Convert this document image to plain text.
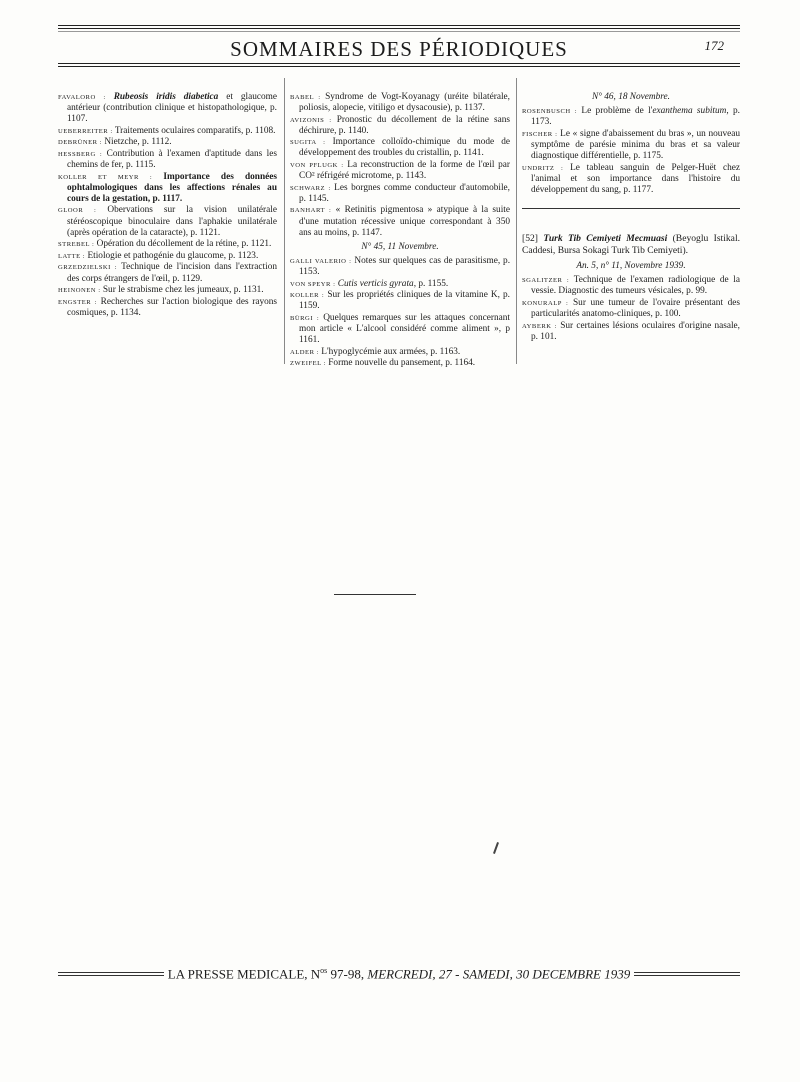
SOMMAIRES DES PÉRIODIQUES	172
FAVALORO : Rubeosis iridis diabetica et glaucome antérieur (contribution clinique et histopathologique, p. 1107.
UEBERREITER : Traitements oculaires comparatifs, p. 1108.
DEBRÜNER : Nietzche, p. 1112.
HESSBERG : Contribution à l'examen d'aptitude dans les chemins de fer, p. 1115.
KOLLER ET MEYR : Importance des données ophtalmologiques dans les affections rénales au cours de la gestation, p. 1117.
GLOOR : Obervations sur la vision unilatérale stéréoscopique binoculaire dans l'aphakie unilatérale (après opération de la cataracte), p. 1121.
STREBEL : Opération du décollement de la rétine, p. 1121.
LATTE : Etiologie et pathogénie du glaucome, p. 1123.
GRZEDZIELSKI : Technique de l'incision dans l'extraction des corps étrangers de l'œil, p. 1129.
HEINONEN : Sur le strabisme chez les jumeaux, p. 1131.
ENGSTER : Recherches sur l'action biologique des rayons cosmiques, p. 1134.
BABEL : Syndrome de Vogt-Koyanagy (uréite bilatérale, poliosis, alopecie, vitiligo et dysacousie), p. 1137.
AVIZONIS : Pronostic du décollement de la rétine sans déchirure, p. 1140.
SUGITA : Importance colloïdo-chimique du mode de développement des troubles du cristallin, p. 1141.
VON PFLUGK : La reconstruction de la forme de l'œil par CO² réfrigéré microtome, p. 1143.
SCHWARZ : Les borgnes comme conducteur d'automobile, p. 1145.
BANHART : « Retinitis pigmentosa » atypique à la suite d'une mutation récessive unique correspondant à 350 ans au moins, p. 1147.
N° 45, 11 Novembre.
GALLI VALERIO : Notes sur quelques cas de parasitisme, p. 1153.
VON SPEYR : Cutis verticis gyrata, p. 1155.
KOLLER : Sur les propriétés cliniques de la vitamine K, p. 1159.
BÜRGI : Quelques remarques sur les attaques concernant mon article « L'alcool considéré comme aliment », p 1161.
ALDER : L'hypoglycémie aux armées, p. 1163.
ZWEIFEL : Forme nouvelle du pansement, p. 1164.
N° 46, 18 Novembre.
ROSENBUSCH : Le problème de l'exanthema subitum, p. 1173.
FISCHER : Le « signe d'abaissement du bras », un nouveau symptôme de parésie minima du bras et sa valeur diagnostique différentielle, p. 1175.
UNDRITZ : Le tableau sanguin de Pelger-Huët chez l'animal et son importance dans l'histoire du développement du sang, p. 1177.
[52] Turk Tib Cemiyeti Mecmuasi (Beyoglu Istikal. Caddesi, Bursa Sokagi Turk Tib Cemiyeti).
An. 5, n° 11, Novembre 1939.
SGALITZER : Technique de l'examen radiologique de la vessie. Diagnostic des tumeurs vésicales, p. 99.
KONURALP : Sur une tumeur de l'ovaire présentant des particularités anatomo-cliniques, p. 100.
AYBERK : Sur certaines lésions oculaires d'origine nasale, p. 101.
LA PRESSE MEDICALE, $N^{os}$ 97-98, MERCREDI, 27 - SAMEDI, 30 DECEMBRE 1939
